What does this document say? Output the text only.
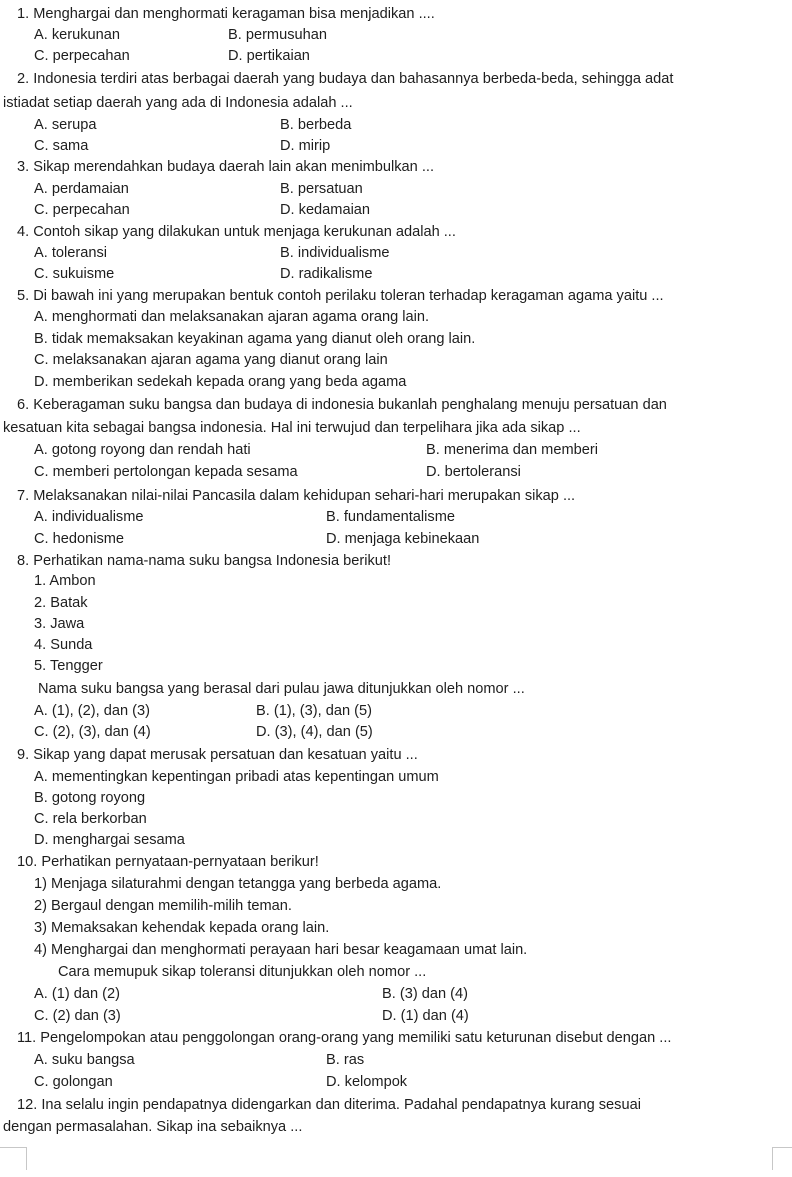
1. Menghargai dan menghormati keragaman bisa menjadikan ....
A. kerukunan	B. permusuhan
C. perpecahan	D. pertikaian
2. Indonesia terdiri atas berbagai daerah yang budaya dan bahasannya berbeda-beda, sehingga adat
istiadat setiap daerah yang ada di Indonesia adalah ...
A. serupa	B. berbeda
C. sama	D. mirip
3. Sikap merendahkan budaya daerah lain akan menimbulkan ...
A. perdamaian	B. persatuan
C. perpecahan	D. kedamaian
4. Contoh sikap yang dilakukan untuk menjaga kerukunan adalah ...
A. toleransi	B. individualisme
C. sukuisme	D. radikalisme
5. Di bawah ini yang merupakan bentuk contoh perilaku toleran terhadap keragaman agama yaitu ...
A. menghormati dan melaksanakan ajaran agama orang lain.
B. tidak memaksakan keyakinan agama yang dianut oleh orang lain.
C. melaksanakan ajaran agama yang dianut orang lain
D. memberikan sedekah kepada orang yang beda agama
6. Keberagaman suku bangsa dan budaya di indonesia bukanlah penghalang menuju persatuan dan
kesatuan kita sebagai bangsa indonesia. Hal ini terwujud dan terpelihara jika ada sikap ...
A. gotong royong dan rendah hati	B. menerima dan memberi
C. memberi pertolongan kepada sesama	D. bertoleransi
7. Melaksanakan nilai-nilai Pancasila dalam kehidupan sehari-hari merupakan sikap ...
A. individualisme	B. fundamentalisme
C. hedonisme	D. menjaga kebinekaan
8. Perhatikan nama-nama suku bangsa Indonesia berikut!
1. Ambon
2. Batak
3. Jawa
4. Sunda
5. Tengger
Nama suku bangsa yang berasal dari pulau jawa ditunjukkan oleh nomor ...
A. (1), (2), dan (3)	B. (1), (3), dan (5)
C. (2), (3), dan (4)	D. (3), (4), dan (5)
9. Sikap yang dapat merusak persatuan dan kesatuan yaitu ...
A. mementingkan kepentingan pribadi atas kepentingan umum
B. gotong royong
C. rela berkorban
D. menghargai sesama
10. Perhatikan pernyataan-pernyataan berikur!
1) Menjaga silaturahmi dengan tetangga yang berbeda agama.
2) Bergaul dengan memilih-milih teman.
3) Memaksakan kehendak kepada orang lain.
4) Menghargai dan menghormati perayaan hari besar keagamaan umat lain.
Cara memupuk sikap toleransi ditunjukkan oleh nomor ...
A. (1) dan (2)	B. (3) dan (4)
C. (2) dan (3)	D. (1) dan (4)
11. Pengelompokan atau penggolongan orang-orang yang memiliki satu keturunan disebut dengan ...
A. suku bangsa	B. ras
C. golongan	D. kelompok
12. Ina selalu ingin pendapatnya didengarkan dan diterima. Padahal pendapatnya kurang sesuai
dengan permasalahan. Sikap ina sebaiknya ...
